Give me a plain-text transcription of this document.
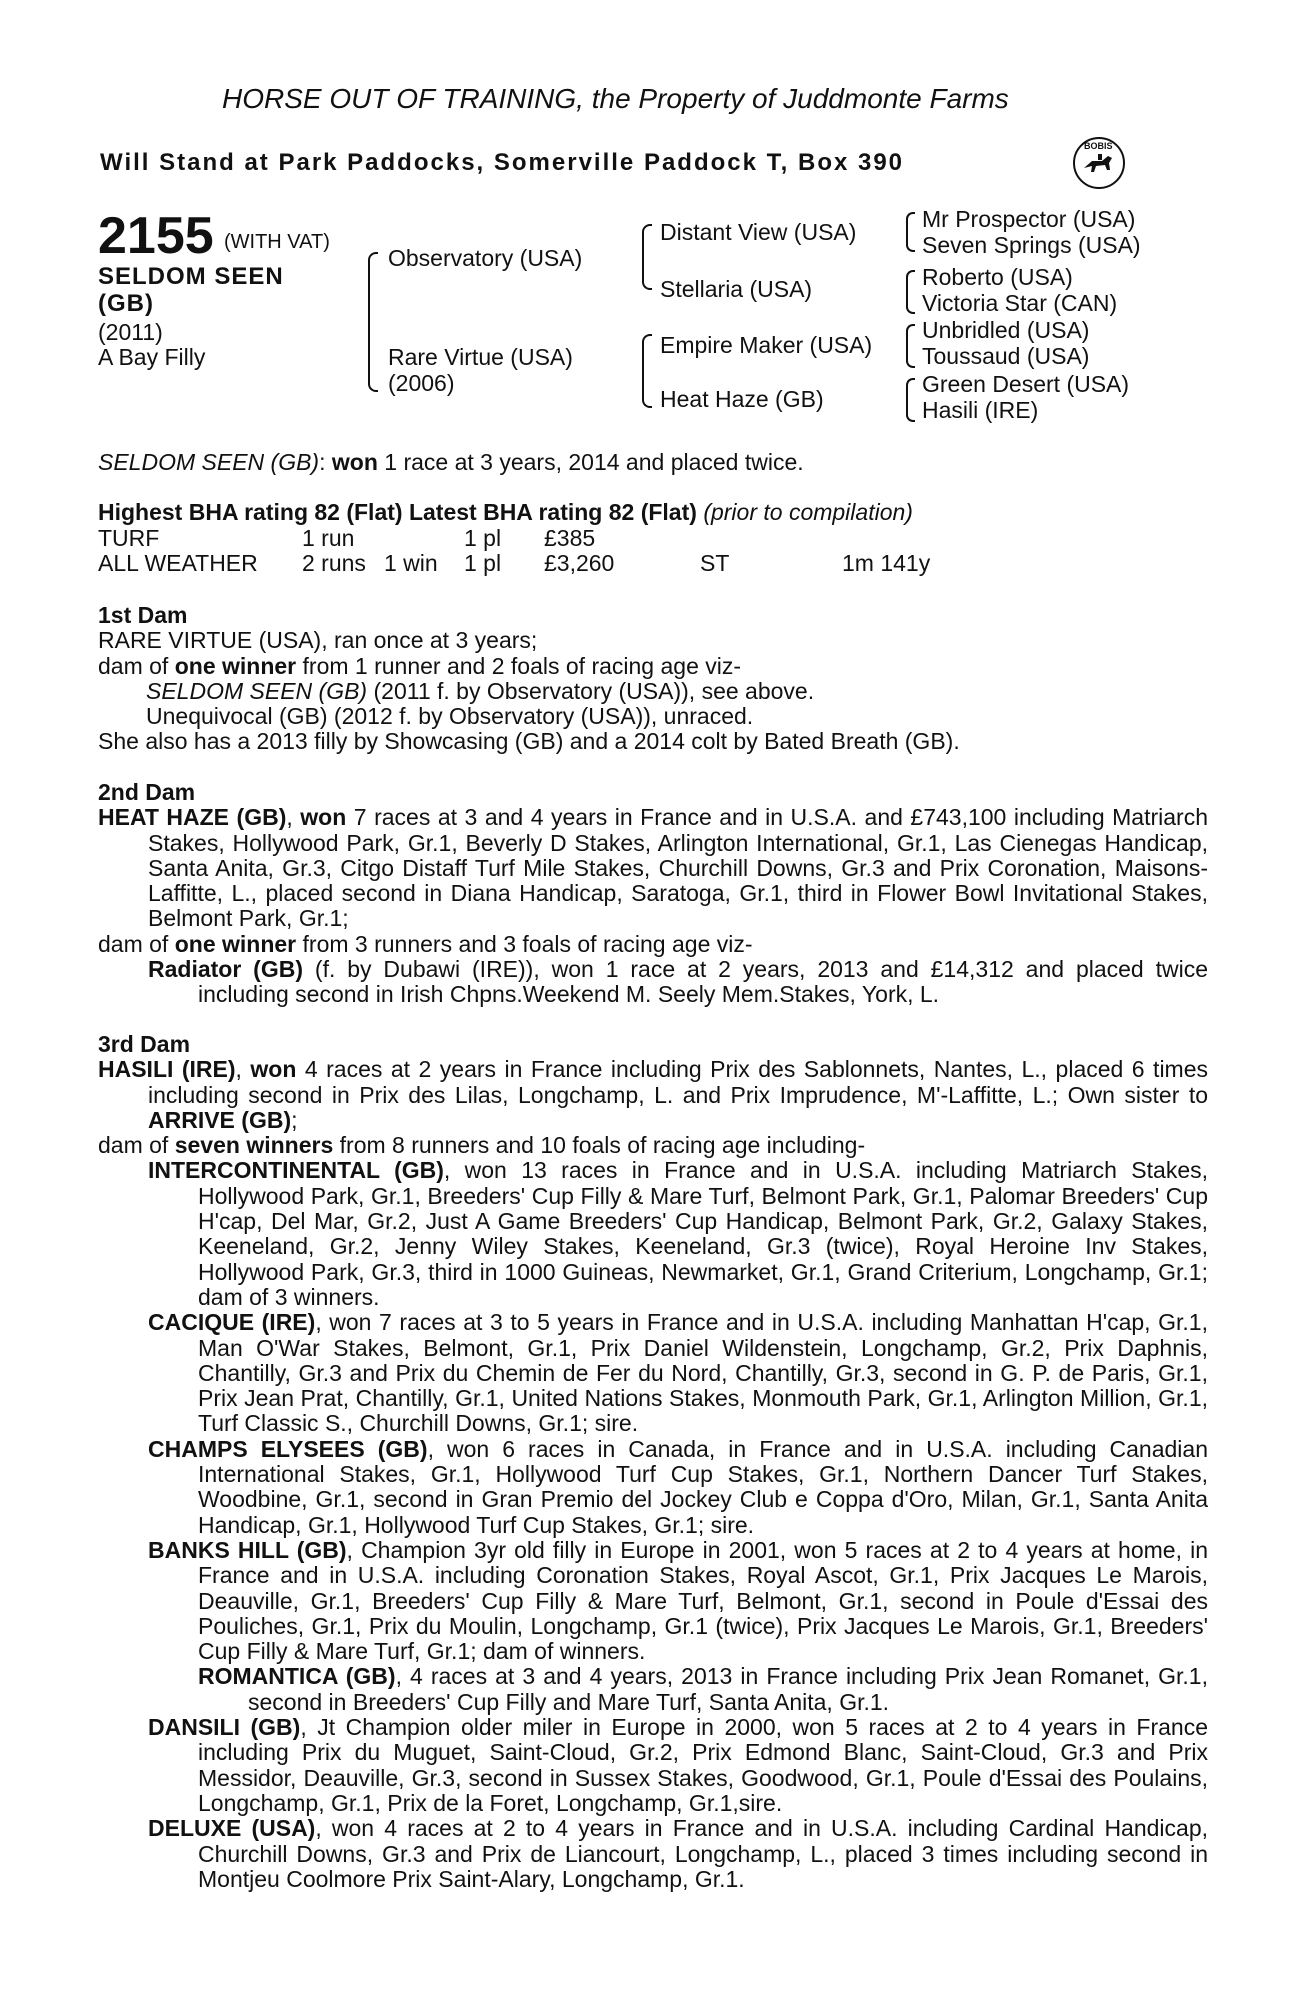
HORSE OUT OF TRAINING, the Property of Juddmonte Farms
Will Stand at Park Paddocks, Somerville Paddock T, Box 390
BOBIS
2155 (WITH VAT)
SELDOM SEEN
(GB)
(2011)
A Bay Filly
Observatory (USA)
Rare Virtue (USA)
(2006)
Distant View (USA)
Stellaria (USA)
Empire Maker (USA)
Heat Haze (GB)
Mr Prospector (USA)
Seven Springs (USA)
Roberto (USA)
Victoria Star (CAN)
Unbridled (USA)
Toussaud (USA)
Green Desert (USA)
Hasili (IRE)
SELDOM SEEN (GB): won 1 race at 3 years, 2014 and placed twice.
Highest BHA rating 82 (Flat) Latest BHA rating 82 (Flat) (prior to compilation)
TURF	1 run	1 pl £385
ALL WEATHER 2 runs 1 win 1 pl £3,260	ST	1m 141y

1st Dam

RARE VIRTUE (USA), ran once at 3 years;

dam of one winner from 1 runner and 2 foals of racing age viz-

SELDOM SEEN (GB) (2011 f. by Observatory (USA)), see above.

Unequivocal (GB) (2012 f. by Observatory (USA)), unraced.

She also has a 2013 filly by Showcasing (GB) and a 2014 colt by Bated Breath (GB).

2nd Dam

HEAT HAZE (GB), won 7 races at 3 and 4 years in France and in U.S.A. and £743,100 including Matriarch Stakes, Hollywood Park, Gr.1, Beverly D Stakes, Arlington International, Gr.1, Las Cienegas Handicap, Santa Anita, Gr.3, Citgo Distaff Turf Mile Stakes, Churchill Downs, Gr.3 and Prix Coronation, Maisons-Laffitte, L., placed second in Diana Handicap, Saratoga, Gr.1, third in Flower Bowl Invitational Stakes, Belmont Park, Gr.1;

dam of one winner from 3 runners and 3 foals of racing age viz-

Radiator (GB) (f. by Dubawi (IRE)), won 1 race at 2 years, 2013 and £14,312 and placed twice including second in Irish Chpns.Weekend M. Seely Mem.Stakes, York, L.

3rd Dam

HASILI (IRE), won 4 races at 2 years in France including Prix des Sablonnets, Nantes, L., placed 6 times including second in Prix des Lilas, Longchamp, L. and Prix Imprudence, M'-Laffitte, L.; Own sister to ARRIVE (GB);

dam of seven winners from 8 runners and 10 foals of racing age including-

INTERCONTINENTAL (GB), won 13 races in France and in U.S.A. including Matriarch Stakes, Hollywood Park, Gr.1, Breeders' Cup Filly & Mare Turf, Belmont Park, Gr.1, Palomar Breeders' Cup H'cap, Del Mar, Gr.2, Just A Game Breeders' Cup Handicap, Belmont Park, Gr.2, Galaxy Stakes, Keeneland, Gr.2, Jenny Wiley Stakes, Keeneland, Gr.3 (twice), Royal Heroine Inv Stakes, Hollywood Park, Gr.3, third in 1000 Guineas, Newmarket, Gr.1, Grand Criterium, Longchamp, Gr.1; dam of 3 winners.

CACIQUE (IRE), won 7 races at 3 to 5 years in France and in U.S.A. including Manhattan H'cap, Gr.1, Man O'War Stakes, Belmont, Gr.1, Prix Daniel Wildenstein, Longchamp, Gr.2, Prix Daphnis, Chantilly, Gr.3 and Prix du Chemin de Fer du Nord, Chantilly, Gr.3, second in G. P. de Paris, Gr.1, Prix Jean Prat, Chantilly, Gr.1, United Nations Stakes, Monmouth Park, Gr.1, Arlington Million, Gr.1, Turf Classic S., Churchill Downs, Gr.1; sire.

CHAMPS ELYSEES (GB), won 6 races in Canada, in France and in U.S.A. including Canadian International Stakes, Gr.1, Hollywood Turf Cup Stakes, Gr.1, Northern Dancer Turf Stakes, Woodbine, Gr.1, second in Gran Premio del Jockey Club e Coppa d'Oro, Milan, Gr.1, Santa Anita Handicap, Gr.1, Hollywood Turf Cup Stakes, Gr.1; sire.

BANKS HILL (GB), Champion 3yr old filly in Europe in 2001, won 5 races at 2 to 4 years at home, in France and in U.S.A. including Coronation Stakes, Royal Ascot, Gr.1, Prix Jacques Le Marois, Deauville, Gr.1, Breeders' Cup Filly & Mare Turf, Belmont, Gr.1, second in Poule d'Essai des Pouliches, Gr.1, Prix du Moulin, Longchamp, Gr.1 (twice), Prix Jacques Le Marois, Gr.1, Breeders' Cup Filly & Mare Turf, Gr.1; dam of winners.

ROMANTICA (GB), 4 races at 3 and 4 years, 2013 in France including Prix Jean Romanet, Gr.1, second in Breeders' Cup Filly and Mare Turf, Santa Anita, Gr.1.

DANSILI (GB), Jt Champion older miler in Europe in 2000, won 5 races at 2 to 4 years in France including Prix du Muguet, Saint-Cloud, Gr.2, Prix Edmond Blanc, Saint-Cloud, Gr.3 and Prix Messidor, Deauville, Gr.3, second in Sussex Stakes, Goodwood, Gr.1, Poule d'Essai des Poulains, Longchamp, Gr.1, Prix de la Foret, Longchamp, Gr.1,sire.

DELUXE (USA), won 4 races at 2 to 4 years in France and in U.S.A. including Cardinal Handicap, Churchill Downs, Gr.3 and Prix de Liancourt, Longchamp, L., placed 3 times including second in Montjeu Coolmore Prix Saint-Alary, Longchamp, Gr.1.
